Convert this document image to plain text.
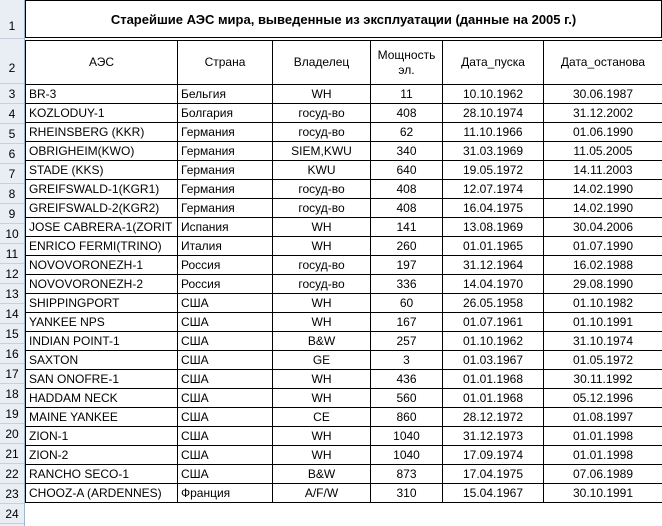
1
2
3
4
5
6
7
8
9
10
11
12
13
14
15
16
17
18
19
20
21
22
23
24
Старейшие АЭС мира, выведенные из эксплуатации (данные на 2005 г.)
АЭС	Страна	Владелец	Мощность эл.	Дата_пуска	Дата_останова
BR-3	Бельгия	WH	11	10.10.1962	30.06.1987
KOZLODUY-1	Болгария	госуд-во	408	28.10.1974	31.12.2002
RHEINSBERG (KKR)	Германия	госуд-во	62	11.10.1966	01.06.1990
OBRIGHEIM(KWO)	Германия	SIEM,KWU	340	31.03.1969	11.05.2005
STADE (KKS)	Германия	KWU	640	19.05.1972	14.11.2003
GREIFSWALD-1(KGR1)	Германия	госуд-во	408	12.07.1974	14.02.1990
GREIFSWALD-2(KGR2)	Германия	госуд-во	408	16.04.1975	14.02.1990
JOSE CABRERA-1(ZORIT	Испания	WH	141	13.08.1969	30.04.2006
ENRICO FERMI(TRINO)	Италия	WH	260	01.01.1965	01.07.1990
NOVOVORONEZH-1	Россия	госуд-во	197	31.12.1964	16.02.1988
NOVOVORONEZH-2	Россия	госуд-во	336	14.04.1970	29.08.1990
SHIPPINGPORT	США	WH	60	26.05.1958	01.10.1982
YANKEE NPS	США	WH	167	01.07.1961	01.10.1991
INDIAN POINT-1	США	B&W	257	01.10.1962	31.10.1974
SAXTON	США	GE	3	01.03.1967	01.05.1972
SAN ONOFRE-1	США	WH	436	01.01.1968	30.11.1992
HADDAM NECK	США	WH	560	01.01.1968	05.12.1996
MAINE YANKEE	США	CE	860	28.12.1972	01.08.1997
ZION-1	США	WH	1040	31.12.1973	01.01.1998
ZION-2	США	WH	1040	17.09.1974	01.01.1998
RANCHO SECO-1	США	B&W	873	17.04.1975	07.06.1989
CHOOZ-A (ARDENNES)	Франция	A/F/W	310	15.04.1967	30.10.1991
